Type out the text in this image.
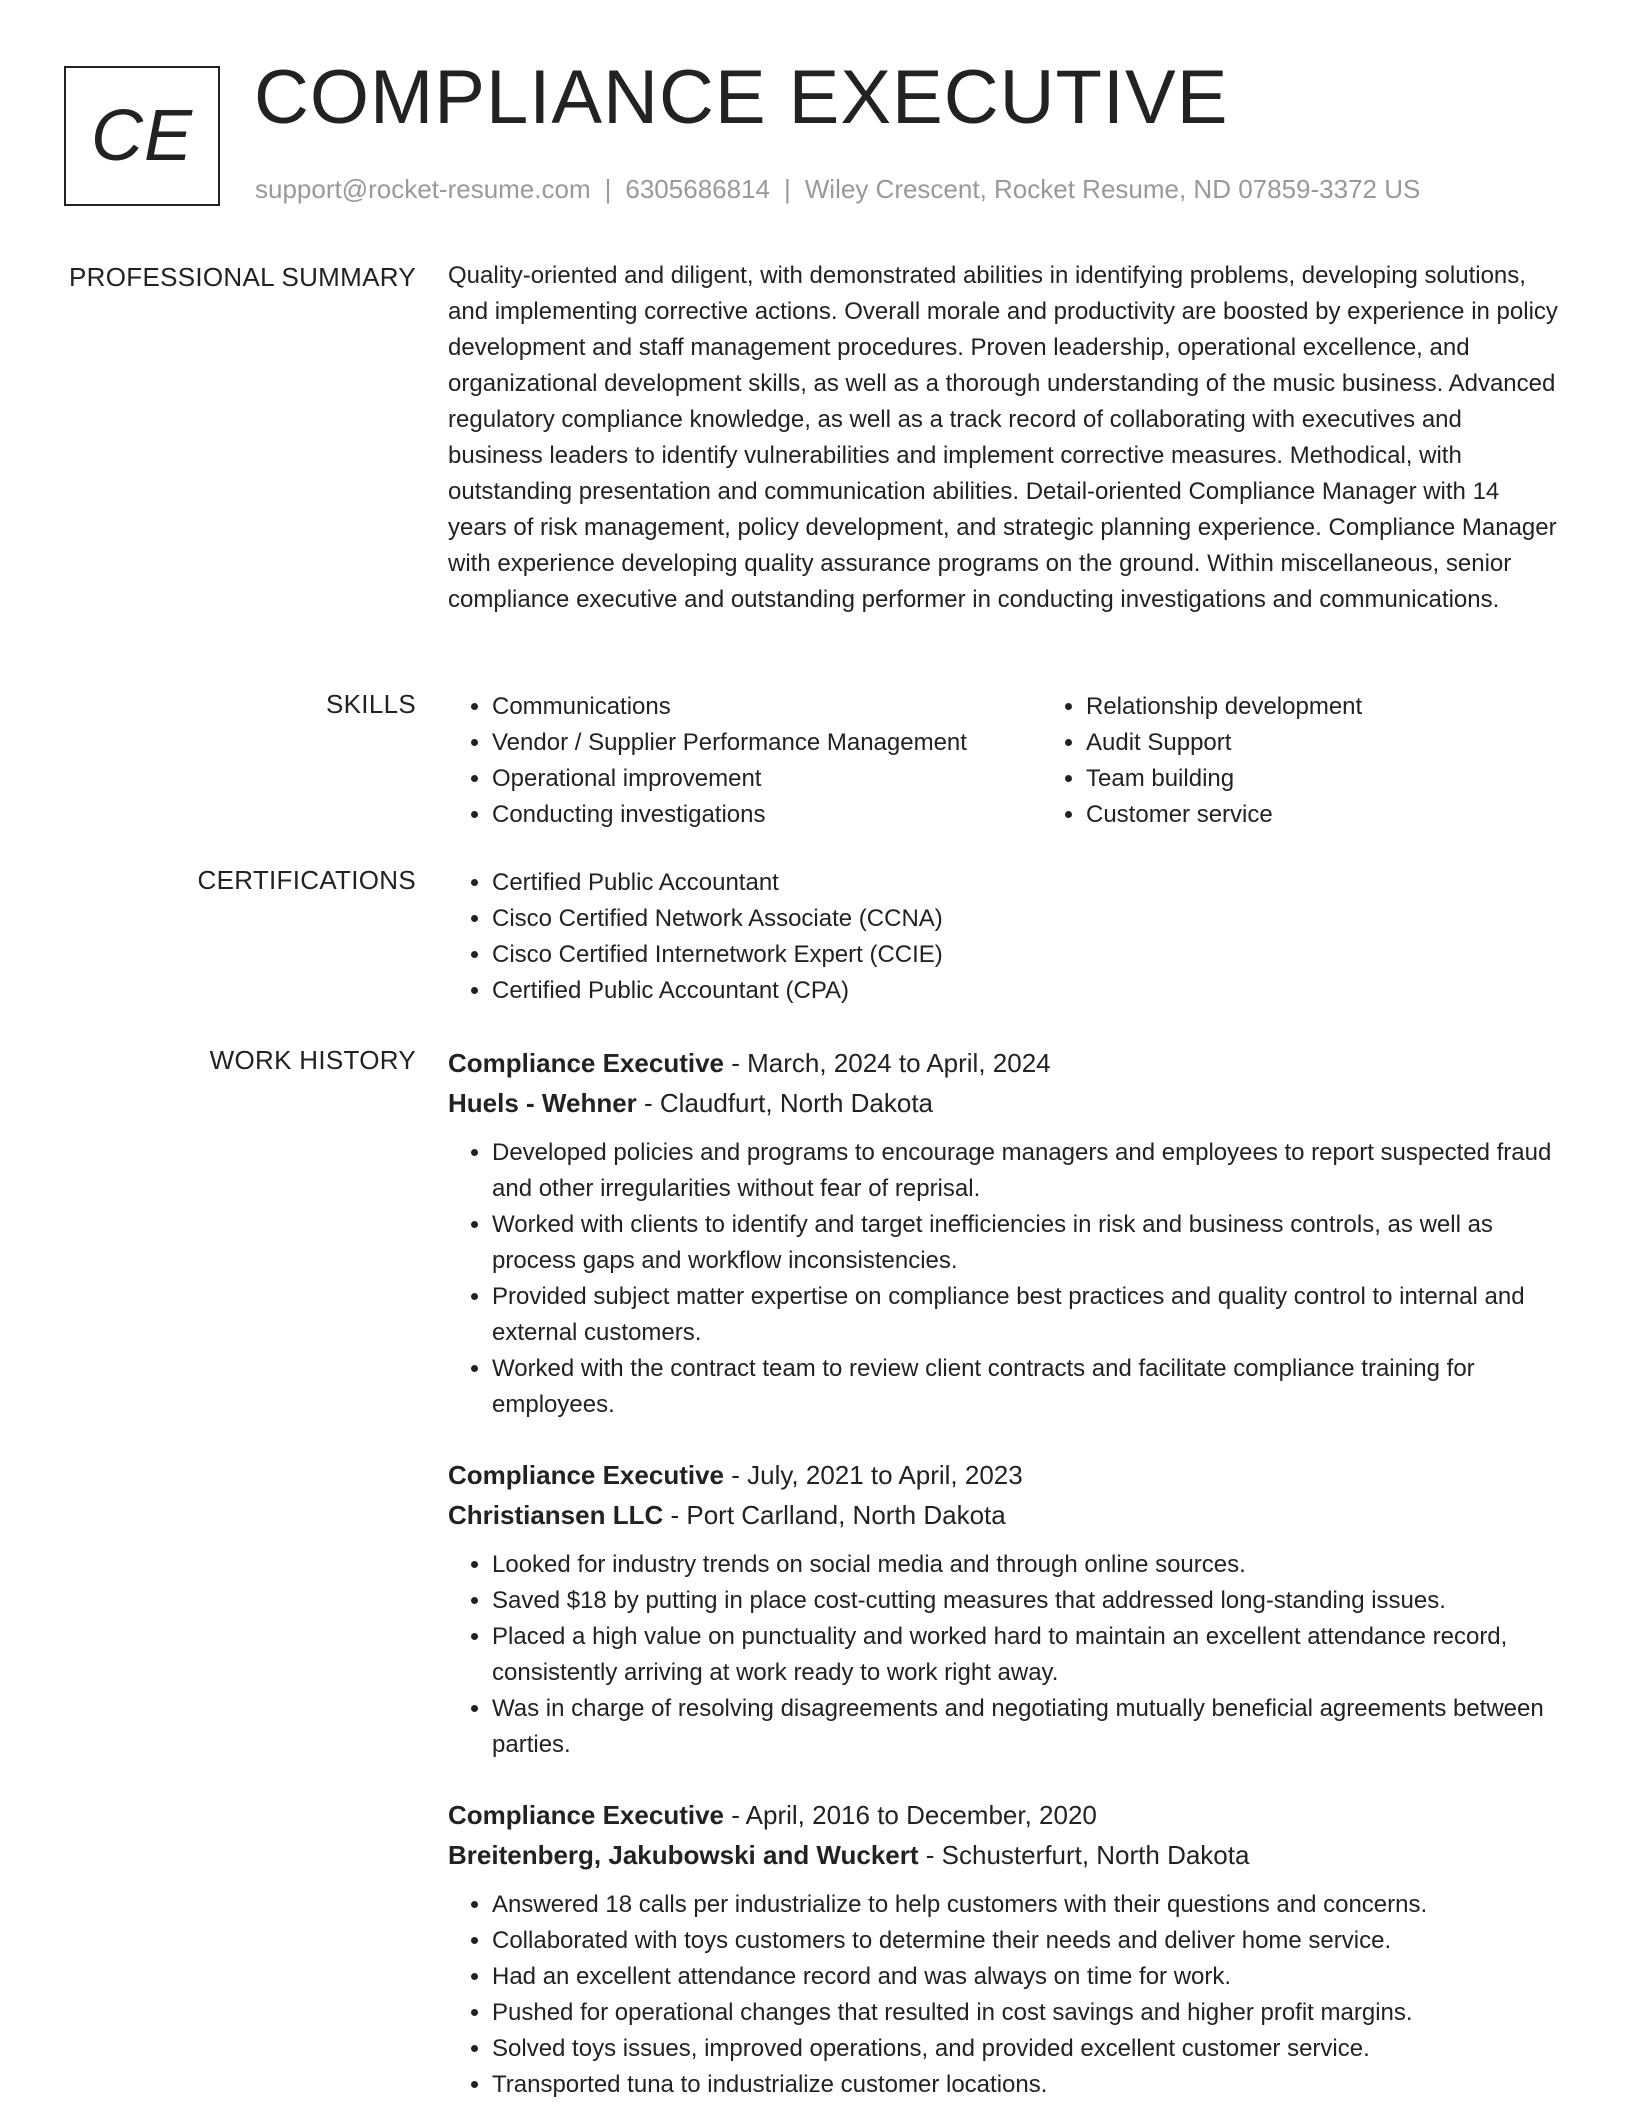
CE COMPLIANCE EXECUTIVE
support@rocket-resume.com | 6305686814 | Wiley Crescent, Rocket Resume, ND 07859-3372 US
PROFESSIONAL SUMMARY Quality-oriented and diligent, with demonstrated abilities in identifying problems, developing solutions, and implementing corrective actions. Overall morale and productivity are boosted by experience in policy development and staff management procedures. Proven leadership, operational excellence, and organizational development skills, as well as a thorough understanding of the music business. Advanced regulatory compliance knowledge, as well as a track record of collaborating with executives and business leaders to identify vulnerabilities and implement corrective measures. Methodical, with outstanding presentation and communication abilities. Detail-oriented Compliance Manager with 14 years of risk management, policy development, and strategic planning experience. Compliance Manager with experience developing quality assurance programs on the ground. Within miscellaneous, senior compliance executive and outstanding performer in conducting investigations and communications.

SKILLS	• Communications
• Vendor / Supplier Performance Management
• Operational improvement
• Conducting investigations
• Relationship development
• Audit Support
• Team building
• Customer service
CERTIFICATIONS	• Certified Public Accountant
• Cisco Certified Network Associate (CCNA)
• Cisco Certified Internetwork Expert (CCIE)
• Certified Public Accountant (CPA)
WORK HISTORY Compliance Executive - March, 2024 to April, 2024
Huels - Wehner - Claudfurt, North Dakota
• Developed policies and programs to encourage managers and employees to report suspected fraud and other irregularities without fear of reprisal.
• Worked with clients to identify and target inefficiencies in risk and business controls, as well as process gaps and workflow inconsistencies.
• Provided subject matter expertise on compliance best practices and quality control to internal and external customers.
• Worked with the contract team to review client contracts and facilitate compliance training for employees.
Compliance Executive - July, 2021 to April, 2023
Christiansen LLC - Port Carlland, North Dakota
• Looked for industry trends on social media and through online sources.
• Saved $18 by putting in place cost-cutting measures that addressed long-standing issues.
• Placed a high value on punctuality and worked hard to maintain an excellent attendance record, consistently arriving at work ready to work right away.
• Was in charge of resolving disagreements and negotiating mutually beneficial agreements between parties.
Compliance Executive - April, 2016 to December, 2020
Breitenberg, Jakubowski and Wuckert - Schusterfurt, North Dakota
• Answered 18 calls per industrialize to help customers with their questions and concerns.
• Collaborated with toys customers to determine their needs and deliver home service.
• Had an excellent attendance record and was always on time for work.
• Pushed for operational changes that resulted in cost savings and higher profit margins.
• Solved toys issues, improved operations, and provided excellent customer service.
• Transported tuna to industrialize customer locations.
